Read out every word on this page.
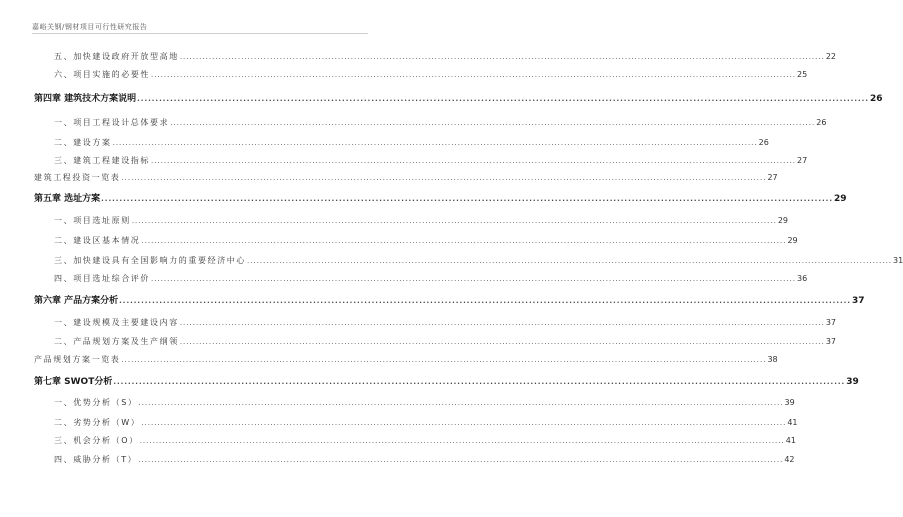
嘉峪关钢/钢材项目可行性研究报告
五、加快建设政府开放型高地 ........................................................................................................................................................................................................ 22
六、项目实施的必要性 ........................................................................................................................................................................................................ 25
第四章 建筑技术方案说明 ........................................................................................................................................................................................................ 26
一、项目工程设计总体要求 ........................................................................................................................................................................................................ 26
二、建设方案 ........................................................................................................................................................................................................ 26
三、建筑工程建设指标 ........................................................................................................................................................................................................ 27
建筑工程投资一览表 ........................................................................................................................................................................................................ 27
第五章 选址方案 ........................................................................................................................................................................................................ 29
一、项目选址原则 ........................................................................................................................................................................................................ 29
二、建设区基本情况 ........................................................................................................................................................................................................ 29
三、加快建设具有全国影响力的重要经济中心 ........................................................................................................................................................................................................ 31
四、项目选址综合评价 ........................................................................................................................................................................................................ 36
第六章 产品方案分析 ........................................................................................................................................................................................................ 37
一、建设规模及主要建设内容 ........................................................................................................................................................................................................ 37
二、产品规划方案及生产纲领 ........................................................................................................................................................................................................ 37
产品规划方案一览表 ........................................................................................................................................................................................................ 38
第七章 SWOT分析 ........................................................................................................................................................................................................ 39
一、优势分析（S） ........................................................................................................................................................................................................ 39
二、劣势分析（W） ........................................................................................................................................................................................................ 41
三、机会分析（O） ........................................................................................................................................................................................................ 41
四、威胁分析（T） ........................................................................................................................................................................................................ 42
